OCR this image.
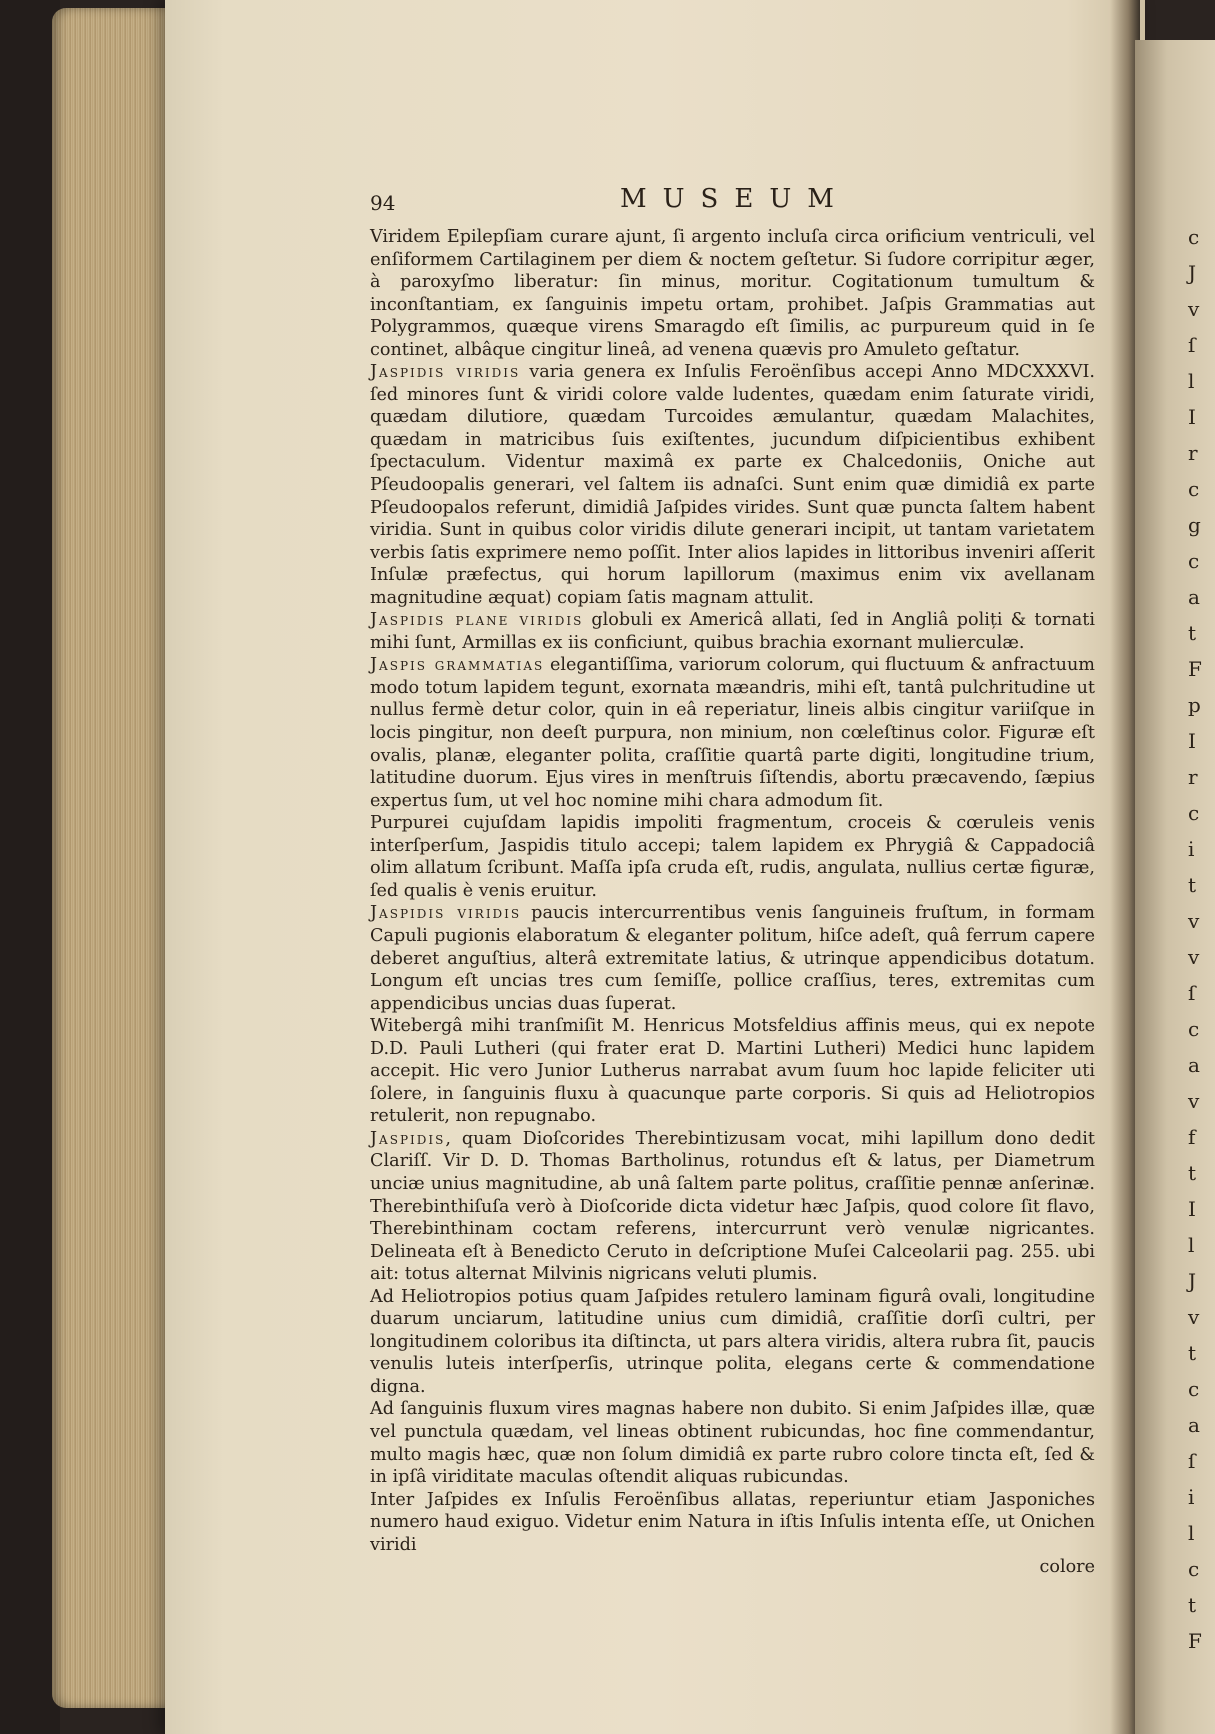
c
J
v
ſ
l
I
r
c
g
c
a
t
F
p
I
r
c
i
t
v
v
ſ
c
a
v
f
t
I
l
J
v
t
c
a
ſ
i
l
c
t
F
94	MUSEUM

Viridem Epilepſiam curare ajunt, ſi argento incluſa circa orificium ventriculi, vel enſiformem Cartilaginem per diem & noctem geſtetur. Si ſudore corripitur æger, à paroxyſmo liberatur: ſin minus, moritur. Cogitationum tumultum & inconſtantiam, ex ſanguinis impetu ortam, prohibet. Jaſpis Grammatias aut Polygrammos, quæque virens Smaragdo eſt ſimilis, ac purpureum quid in ſe continet, albâque cingitur lineâ, ad venena quævis pro Amuleto geſtatur.

Jaspidis viridis varia genera ex Inſulis Feroënſibus accepi Anno MDCXXXVI. ſed minores ſunt & viridi colore valde ludentes, quædam enim ſaturate viridi, quædam dilutiore, quædam Turcoides æmulantur, quædam Malachites, quædam in matricibus ſuis exiſtentes, jucundum diſpicientibus exhibent ſpectaculum. Videntur maximâ ex parte ex Chalcedoniis, Oniche aut Pſeudoopalis generari, vel ſaltem iis adnaſci. Sunt enim quæ dimidiâ ex parte Pſeudoopalos referunt, dimidiâ Jaſpides virides. Sunt quæ puncta ſaltem habent viridia. Sunt in quibus color viridis dilute generari incipit, ut tantam varietatem verbis ſatis exprimere nemo poſſit. Inter alios lapides in littoribus inveniri aſſerit Inſulæ præfectus, qui horum lapillorum (maximus enim vix avellanam magnitudine æquat) copiam ſatis magnam attulit.

Jaspidis plane viridis globuli ex Americâ allati, ſed in Angliâ poliți & tornati mihi ſunt, Armillas ex iis conficiunt, quibus brachia exornant mulierculæ.

Jaspis grammatias elegantiſſima, variorum colorum, qui fluctuum & anfractuum modo totum lapidem tegunt, exornata mæandris, mihi eſt, tantâ pulchritudine ut nullus fermè detur color, quin in eâ reperiatur, lineis albis cingitur variiſque in locis pingitur, non deeſt purpura, non minium, non cœleſtinus color. Figuræ eſt ovalis, planæ, eleganter polita, craſſitie quartâ parte digiti, longitudine trium, latitudine duorum. Ejus vires in menſtruis ſiſtendis, abortu præcavendo, ſæpius expertus ſum, ut vel hoc nomine mihi chara admodum ſit.

Purpurei cujuſdam lapidis impoliti fragmentum, croceis & cœruleis venis interſperſum, Jaspidis titulo accepi; talem lapidem ex Phrygiâ & Cappadociâ olim allatum ſcribunt. Maſſa ipſa cruda eſt, rudis, angulata, nullius certæ figuræ, ſed qualis è venis eruitur.

Jaspidis viridis paucis intercurrentibus venis ſanguineis fruſtum, in formam Capuli pugionis elaboratum & eleganter politum, hiſce adeſt, quâ ferrum capere deberet anguſtius, alterâ extremitate latius, & utrinque appendicibus dotatum. Longum eſt uncias tres cum ſemiſſe, pollice craſſius, teres, extremitas cum appendicibus uncias duas ſuperat.

Witebergâ mihi tranſmiſit M. Henricus Motsfeldius affinis meus, qui ex nepote D.D. Pauli Lutheri (qui frater erat D. Martini Lutheri) Medici hunc lapidem accepit. Hic vero Junior Lutherus narrabat avum ſuum hoc lapide feliciter uti ſolere, in ſanguinis fluxu à quacunque parte corporis. Si quis ad Heliotropios retulerit, non repugnabo.

Jaspidis, quam Dioſcorides Therebintizusam vocat, mihi lapillum dono dedit Clariſſ. Vir D. D. Thomas Bartholinus, rotundus eſt & latus, per Diametrum unciæ unius magnitudine, ab unâ ſaltem parte politus, craſſitie pennæ anſerinæ. Therebinthiſuſa verò à Dioſcoride dicta videtur hæc Jaſpis, quod colore ſit flavo, Therebinthinam coctam referens, intercurrunt verò venulæ nigricantes. Delineata eſt à Benedicto Ceruto in deſcriptione Muſei Calceolarii pag. 255. ubi ait: totus alternat Milvinis nigricans veluti plumis.

Ad Heliotropios potius quam Jaſpides retulero laminam figurâ ovali, longitudine duarum unciarum, latitudine unius cum dimidiâ, craſſitie dorſi cultri, per longitudinem coloribus ita diſtincta, ut pars altera viridis, altera rubra ſit, paucis venulis luteis interſperſis, utrinque polita, elegans certe & commendatione digna.

Ad ſanguinis fluxum vires magnas habere non dubito. Si enim Jaſpides illæ, quæ vel punctula quædam, vel lineas obtinent rubicundas, hoc fine commendantur, multo magis hæc, quæ non ſolum dimidiâ ex parte rubro colore tincta eſt, ſed & in ipſâ viriditate maculas oſtendit aliquas rubicundas.

Inter Jaſpides ex Inſulis Feroënſibus allatas, reperiuntur etiam Jasponiches numero haud exiguo. Videtur enim Natura in iſtis Inſulis intenta eſſe, ut Onichen viridi

colore
